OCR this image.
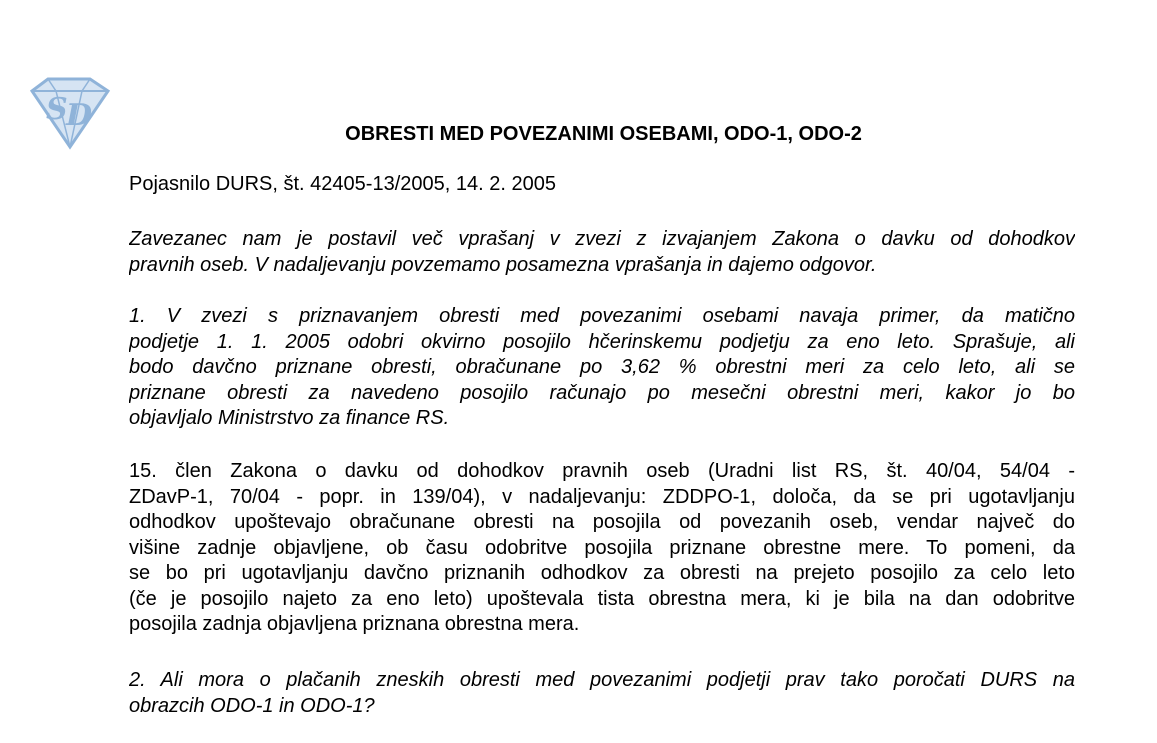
S
D
OBRESTI MED POVEZANIMI OSEBAMI, ODO-1, ODO-2

Pojasnilo DURS, št. 42405-13/2005, 14. 2. 2005

Zavezanec nam je postavil več vprašanj v zvezi z izvajanjem Zakona o davku od dohodkov
pravnih oseb. V nadaljevanju povzemamo posamezna vprašanja in dajemo odgovor.

1. V zvezi s priznavanjem obresti med povezanimi osebami navaja primer, da matično
podjetje 1. 1. 2005 odobri okvirno posojilo hčerinskemu podjetju za eno leto. Sprašuje, ali
bodo davčno priznane obresti, obračunane po 3,62 % obrestni meri za celo leto, ali se
priznane obresti za navedeno posojilo računajo po mesečni obrestni meri, kakor jo bo
objavljalo Ministrstvo za finance RS.

15. člen Zakona o davku od dohodkov pravnih oseb (Uradni list RS, št. 40/04, 54/04 -
ZDavP-1, 70/04 - popr. in 139/04), v nadaljevanju: ZDDPO-1, določa, da se pri ugotavljanju
odhodkov upoštevajo obračunane obresti na posojila od povezanih oseb, vendar največ do
višine zadnje objavljene, ob času odobritve posojila priznane obrestne mere. To pomeni, da
se bo pri ugotavljanju davčno priznanih odhodkov za obresti na prejeto posojilo za celo leto
(če je posojilo najeto za eno leto) upoštevala tista obrestna mera, ki je bila na dan odobritve
posojila zadnja objavljena priznana obrestna mera.

2. Ali mora o plačanih zneskih obresti med povezanimi podjetji prav tako poročati DURS na
obrazcih ODO-1 in ODO-1?
